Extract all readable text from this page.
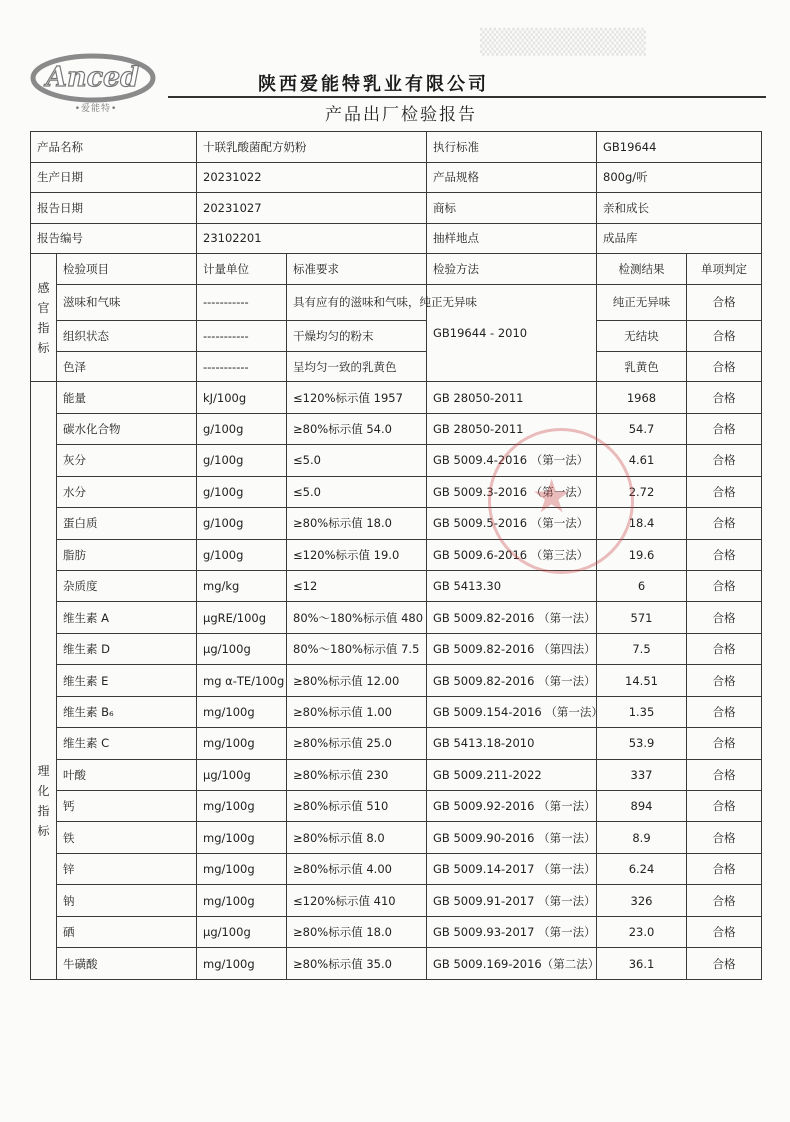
Anced
•爱能特•
陕西爱能特乳业有限公司
产品出厂检验报告
产品名称		十联乳酸菌配方奶粉		执行标准	GB19644	
生产日期		20231022		产品规格	800g/听	
报告日期		20231027		商标	亲和成长	
报告编号		23102201		抽样地点	成品库	

感
官
指
标	检验项目	计量单位	标准要求	检验方法	检测结果	单项判定
	滋味和气味	-----------	具有应有的滋味和气味，纯正无异味	GB19644 - 2010	纯正无异味	合格
	组织状态	-----------	干燥均匀的粉末		无结块	合格
	色泽	-----------	呈均匀一致的乳黄色		乳黄色	合格

理
化
指
标	能量	kJ/100g	≤120%标示值 1957	GB 28050-2011	1968	合格
	碳水化合物	g/100g	≥80%标示值 54.0	GB 28050-2011	54.7	合格
	灰分	g/100g	≤5.0	GB 5009.4-2016 （第一法）	4.61	合格
	水分	g/100g	≤5.0	GB 5009.3-2016 （第一法）	2.72	合格
	蛋白质	g/100g	≥80%标示值 18.0	GB 5009.5-2016 （第一法）	18.4	合格
	脂肪	g/100g	≤120%标示值 19.0	GB 5009.6-2016 （第三法）	19.6	合格
	杂质度	mg/kg	≤12	GB 5413.30	6	合格
	维生素 A	μgRE/100g	80%～180%标示值 480	GB 5009.82-2016 （第一法）	571	合格
	维生素 D	μg/100g	80%～180%标示值 7.5	GB 5009.82-2016 （第四法）	7.5	合格
	维生素 E	mg α-TE/100g	≥80%标示值 12.00	GB 5009.82-2016 （第一法）	14.51	合格
	维生素 B₆	mg/100g	≥80%标示值 1.00	GB 5009.154-2016 （第一法）	1.35	合格
	维生素 C	mg/100g	≥80%标示值 25.0	GB 5413.18-2010	53.9	合格
	叶酸	μg/100g	≥80%标示值 230	GB 5009.211-2022	337	合格
	钙	mg/100g	≥80%标示值 510	GB 5009.92-2016 （第一法）	894	合格
	铁	mg/100g	≥80%标示值 8.0	GB 5009.90-2016 （第一法）	8.9	合格
	锌	mg/100g	≥80%标示值 4.00	GB 5009.14-2017 （第一法）	6.24	合格
	钠	mg/100g	≤120%标示值 410	GB 5009.91-2017 （第一法）	326	合格
	硒	μg/100g	≥80%标示值 18.0	GB 5009.93-2017 （第一法）	23.0	合格
	牛磺酸	mg/100g	≥80%标示值 35.0	GB 5009.169-2016（第二法）	36.1	合格
★
▒▒▒▒▒▒▒▒▒
